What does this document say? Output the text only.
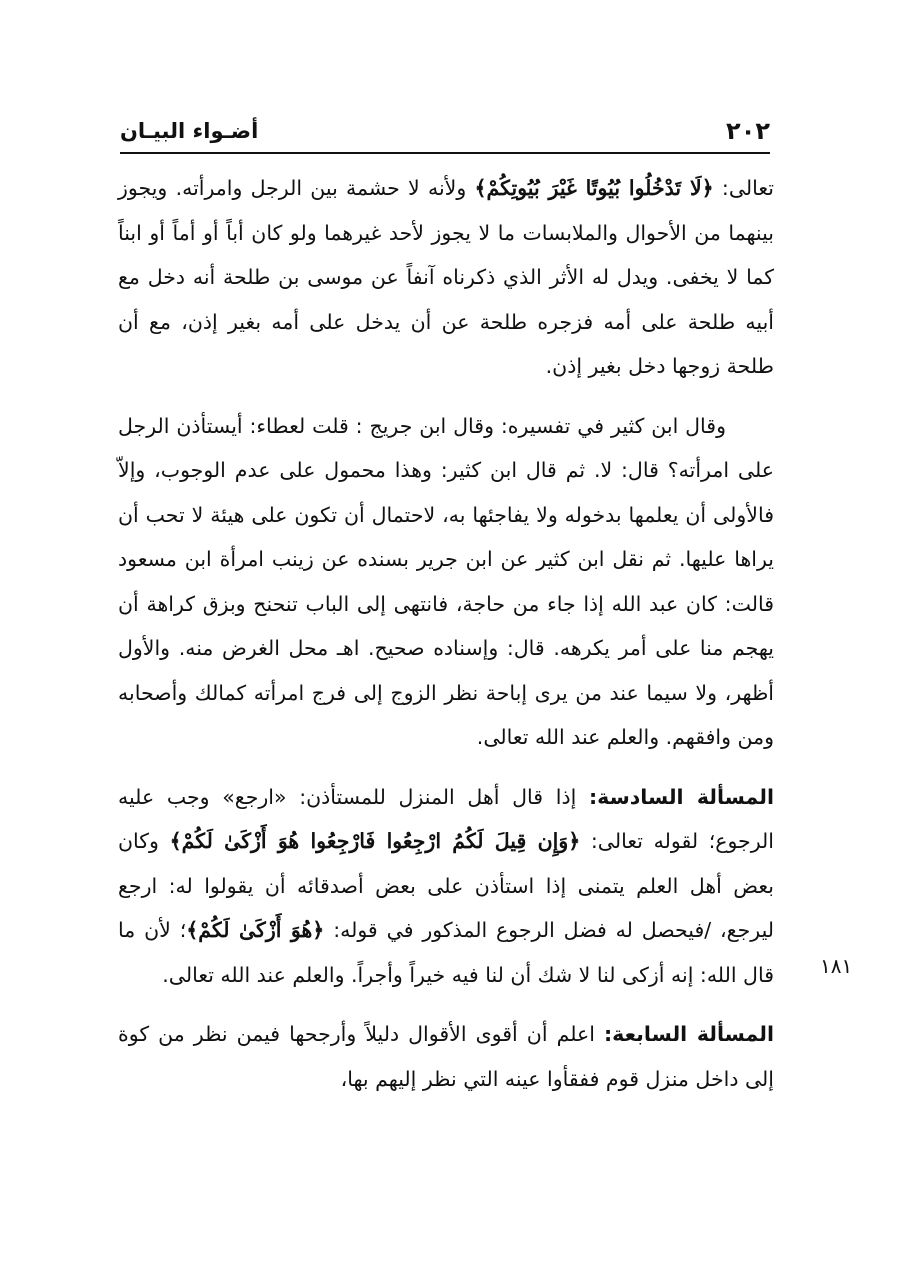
٢٠٢
أضـواء البيـان
١٨١

تعالى: ﴿لَا تَدْخُلُوا بُيُوتًا غَيْرَ بُيُوتِكُمْ﴾ ولأنه لا حشمة بين الرجل وامرأته. ويجوز بينهما من الأحوال والملابسات ما لا يجوز لأحد غيرهما ولو كان أباً أو أماً أو ابناً كما لا يخفى. ويدل له الأثر الذي ذكرناه آنفاً عن موسى بن طلحة أنه دخل مع أبيه طلحة على أمه فزجره طلحة عن أن يدخل على أمه بغير إذن، مع أن طلحة زوجها دخل بغير إذن.

وقال ابن كثير في تفسيره: وقال ابن جريج : قلت لعطاء: أيستأذن الرجل على امرأته؟ قال: لا. ثم قال ابن كثير: وهذا محمول على عدم الوجوب، وإلاّ فالأولى أن يعلمها بدخوله ولا يفاجئها به، لاحتمال أن تكون على هيئة لا تحب أن يراها عليها. ثم نقل ابن كثير عن ابن جرير بسنده عن زينب امرأة ابن مسعود قالت: كان عبد الله إذا جاء من حاجة، فانتهى إلى الباب تنحنح وبزق كراهة أن يهجم منا على أمر يكرهه. قال: وإسناده صحيح. اهـ محل الغرض منه. والأول أظهر، ولا سيما عند من يرى إباحة نظر الزوج إلى فرج امرأته كمالك وأصحابه ومن وافقهم. والعلم عند الله تعالى.

المسألة السادسة: إذا قال أهل المنزل للمستأذن: «ارجع» وجب عليه الرجوع؛ لقوله تعالى: ﴿وَإِن قِيلَ لَكُمُ ارْجِعُوا فَارْجِعُوا هُوَ أَزْكَىٰ لَكُمْ﴾ وكان بعض أهل العلم يتمنى إذا استأذن على بعض أصدقائه أن يقولوا له: ارجع ليرجع، /فيحصل له فضل الرجوع المذكور في قوله: ﴿هُوَ أَزْكَىٰ لَكُمْ﴾؛ لأن ما قال الله: إنه أزكى لنا لا شك أن لنا فيه خيراً وأجراً. والعلم عند الله تعالى.

المسألة السابعة: اعلم أن أقوى الأقوال دليلاً وأرجحها فيمن نظر من كوة إلى داخل منزل قوم ففقأوا عينه التي نظر إليهم بها،
